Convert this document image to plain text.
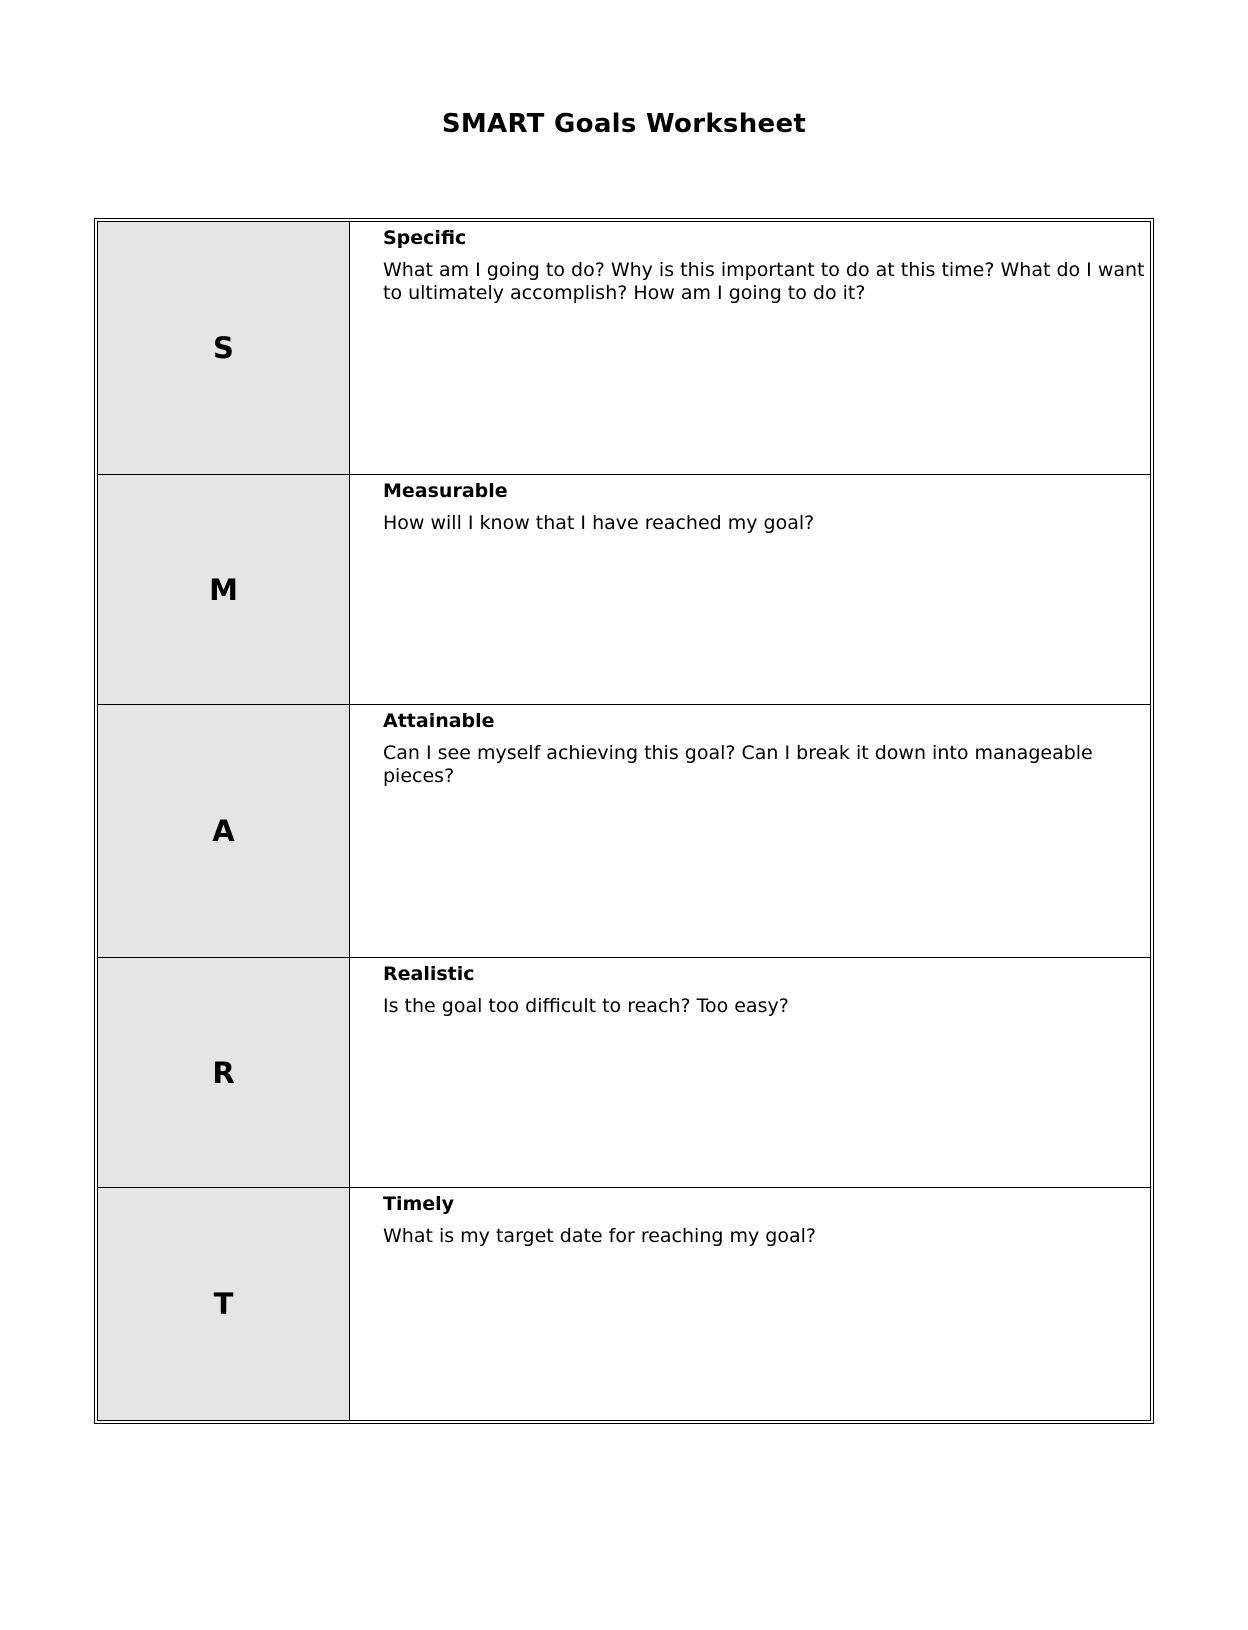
SMART Goals Worksheet
S

Specific

What am I going to do? Why is this important to do at this time? What do I want to ultimately accomplish? How am I going to do it?

M

Measurable

How will I know that I have reached my goal?

A

Attainable

Can I see myself achieving this goal? Can I break it down into manageable pieces?

R

Realistic

Is the goal too difficult to reach? Too easy?

T

Timely

What is my target date for reaching my goal?
